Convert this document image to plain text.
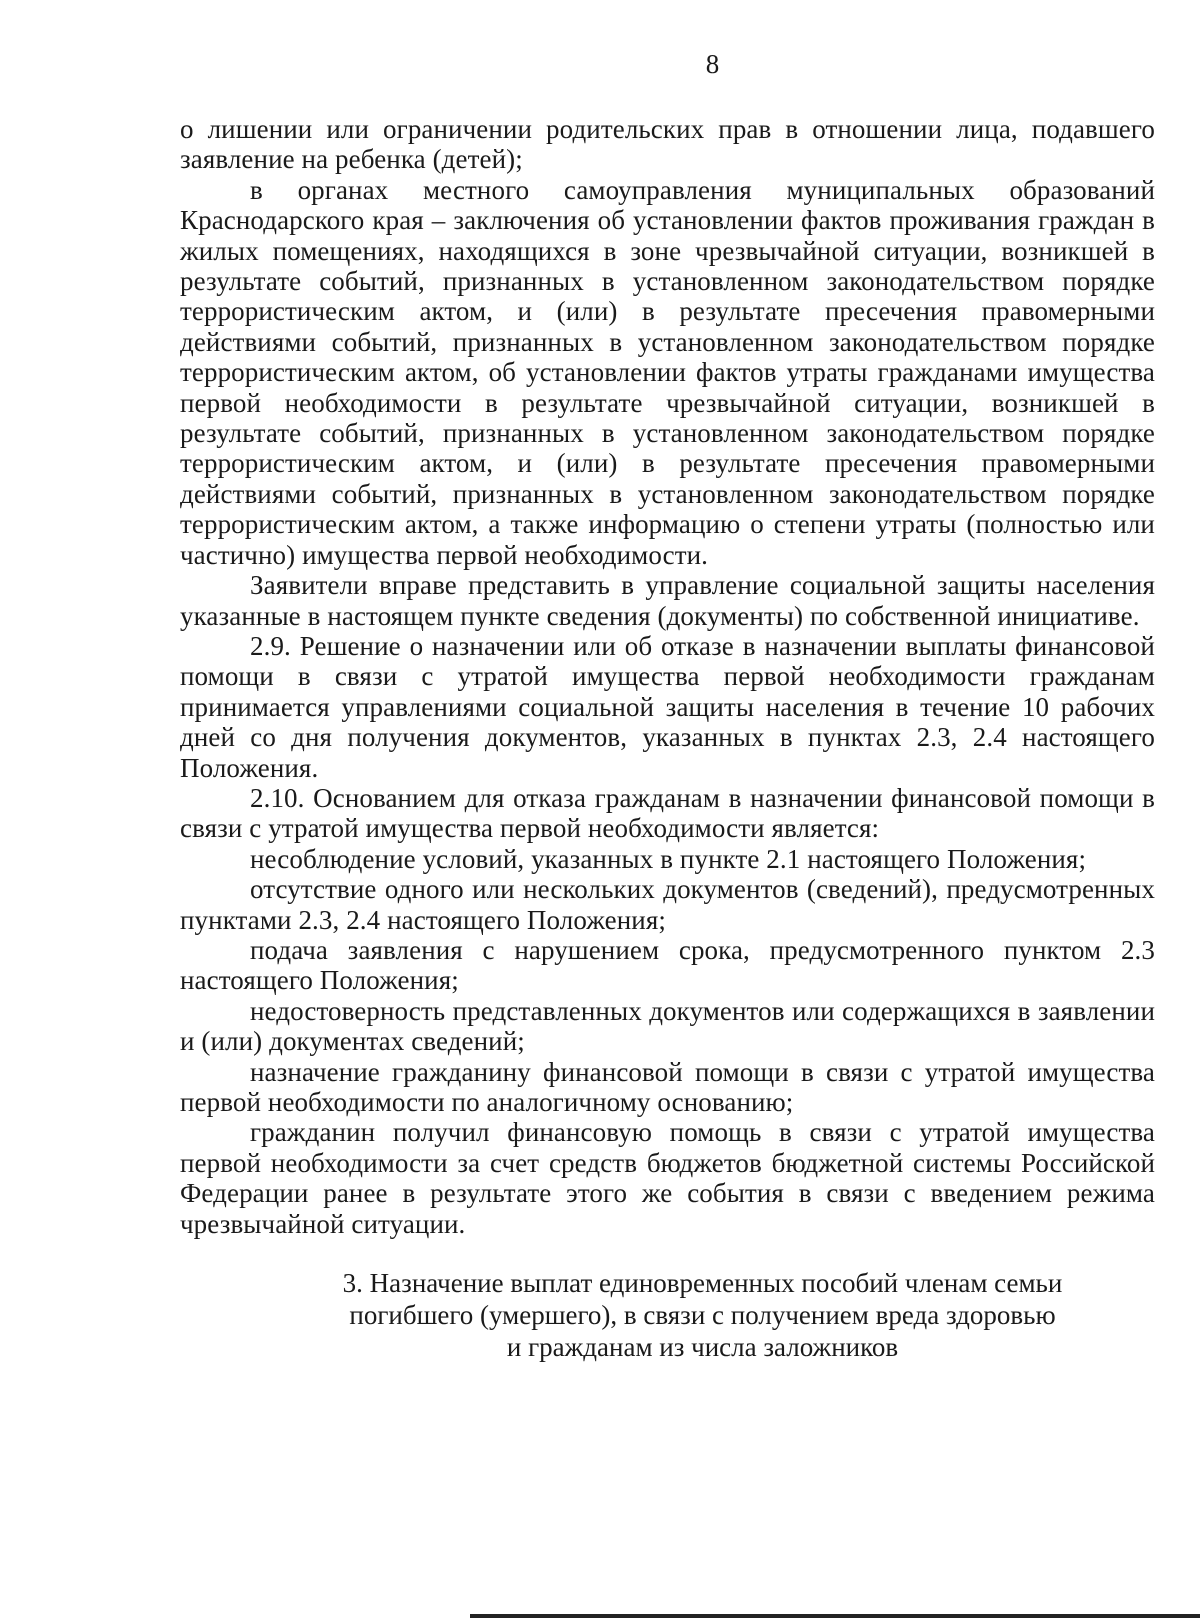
8

о лишении или ограничении родительских прав в отношении лица, подавшего заявление на ребенка (детей);

в органах местного самоуправления муниципальных образований Краснодарского края – заключения об установлении фактов проживания граждан в жилых помещениях, находящихся в зоне чрезвычайной ситуации, возникшей в результате событий, признанных в установленном законодательством порядке террористическим актом, и (или) в результате пресечения правомерными действиями событий, признанных в установленном законодательством порядке террористическим актом, об установлении фактов утраты гражданами имущества первой необходимости в результате чрезвычайной ситуации, возникшей в результате событий, признанных в установленном законодательством порядке террористическим актом, и (или) в результате пресечения правомерными действиями событий, признанных в установленном законодательством порядке террористическим актом, а также информацию о степени утраты (полностью или частично) имущества первой необходимости.

Заявители вправе представить в управление социальной защиты населения указанные в настоящем пункте сведения (документы) по собственной инициативе.

2.9. Решение о назначении или об отказе в назначении выплаты финансовой помощи в связи с утратой имущества первой необходимости гражданам принимается управлениями социальной защиты населения в течение 10 рабочих дней со дня получения документов, указанных в пунктах 2.3, 2.4 настоящего Положения.

2.10. Основанием для отказа гражданам в назначении финансовой помощи в связи с утратой имущества первой необходимости является:

несоблюдение условий, указанных в пункте 2.1 настоящего Положения;

отсутствие одного или нескольких документов (сведений), предусмотренных пунктами 2.3, 2.4 настоящего Положения;

подача заявления с нарушением срока, предусмотренного пунктом 2.3 настоящего Положения;

недостоверность представленных документов или содержащихся в заявлении и (или) документах сведений;

назначение гражданину финансовой помощи в связи с утратой имущества первой необходимости по аналогичному основанию;

гражданин получил финансовую помощь в связи с утратой имущества первой необходимости за счет средств бюджетов бюджетной системы Российской Федерации ранее в результате этого же события в связи с введением режима чрезвычайной ситуации.

3. Назначение выплат единовременных пособий членам семьи
погибшего (умершего), в связи с получением вреда здоровью
и гражданам из числа заложников
